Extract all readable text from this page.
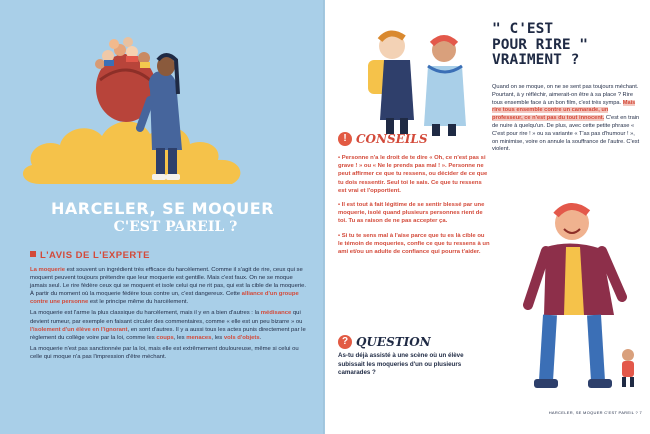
HARCELER, SE MOQUER
C'EST PAREIL ?
L'AVIS DE L'EXPERTE

La moquerie est souvent un ingrédient très efficace du harcèlement. Comme il s'agit de rire, ceux qui se moquent peuvent toujours prétendre que leur moquerie est gentille. Mais c'est faux. On ne se moque jamais seul. Le rire fédère ceux qui se moquent et isole celui qui ne rit pas, qui est la cible de la moquerie. À partir du moment où la moquerie fédère tous contre un, c'est dangereux. Cette alliance d'un groupe contre une personne est le principe même du harcèlement.

La moquerie est l'arme la plus classique du harcèlement, mais il y en a bien d'autres : la médisance qui devient rumeur, par exemple en faisant circuler des commentaires, comme « elle est un peu bizarre » ou l'isolement d'un élève en l'ignorant, en sont d'autres. Il y a aussi tous les actes punis directement par le règlement du collège voire par la loi, comme les coups, les menaces, les vols d'objets.

La moquerie n'est pas sanctionnée par la loi, mais elle est extrêmement douloureuse, même si celui ou celle qui moque n'a pas l'impression d'être méchant.

" C'EST
POUR RIRE "
VRAIMENT ?

Quand on se moque, on ne se sent pas toujours méchant. Pourtant, à y réfléchir, aimerait-on être à sa place ? Rire tous ensemble face à un bon film, c'est très sympa. Mais rire tous ensemble contre un camarade, un professeur, ce n'est pas du tout innocent. C'est en train de nuire à quelqu'un. De plus, avec cette petite phrase « C'est pour rire ! » ou sa variante « T'as pas d'humour ! », on minimise, voire on annule la souffrance de l'autre. C'est violent.

! CONSEILS

• Personne n'a le droit de te dire « Oh, ce n'est pas si grave ! » ou « Ne le prends pas mal ! ». Personne ne peut affirmer ce que tu ressens, ou décider de ce que tu dois ressentir. Seul toi le sais. Ce que tu ressens est vrai et l'opportient.

• Il est tout à fait légitime de se sentir blessé par une moquerie, isolé quand plusieurs personnes rient de toi. Tu as raison de ne pas accepter ça.

• Si tu te sens mal à l'aise parce que tu es là cible ou le témoin de moqueries, confie ce que tu ressens à un ami et/ou un adulte de confiance qui pourra t'aider.

? QUESTION
As-tu déjà assisté à une scène où un élève subissait les moqueries d'un ou plusieurs camarades ?
HARCELER, SE MOQUER C'EST PAREIL ? 7
